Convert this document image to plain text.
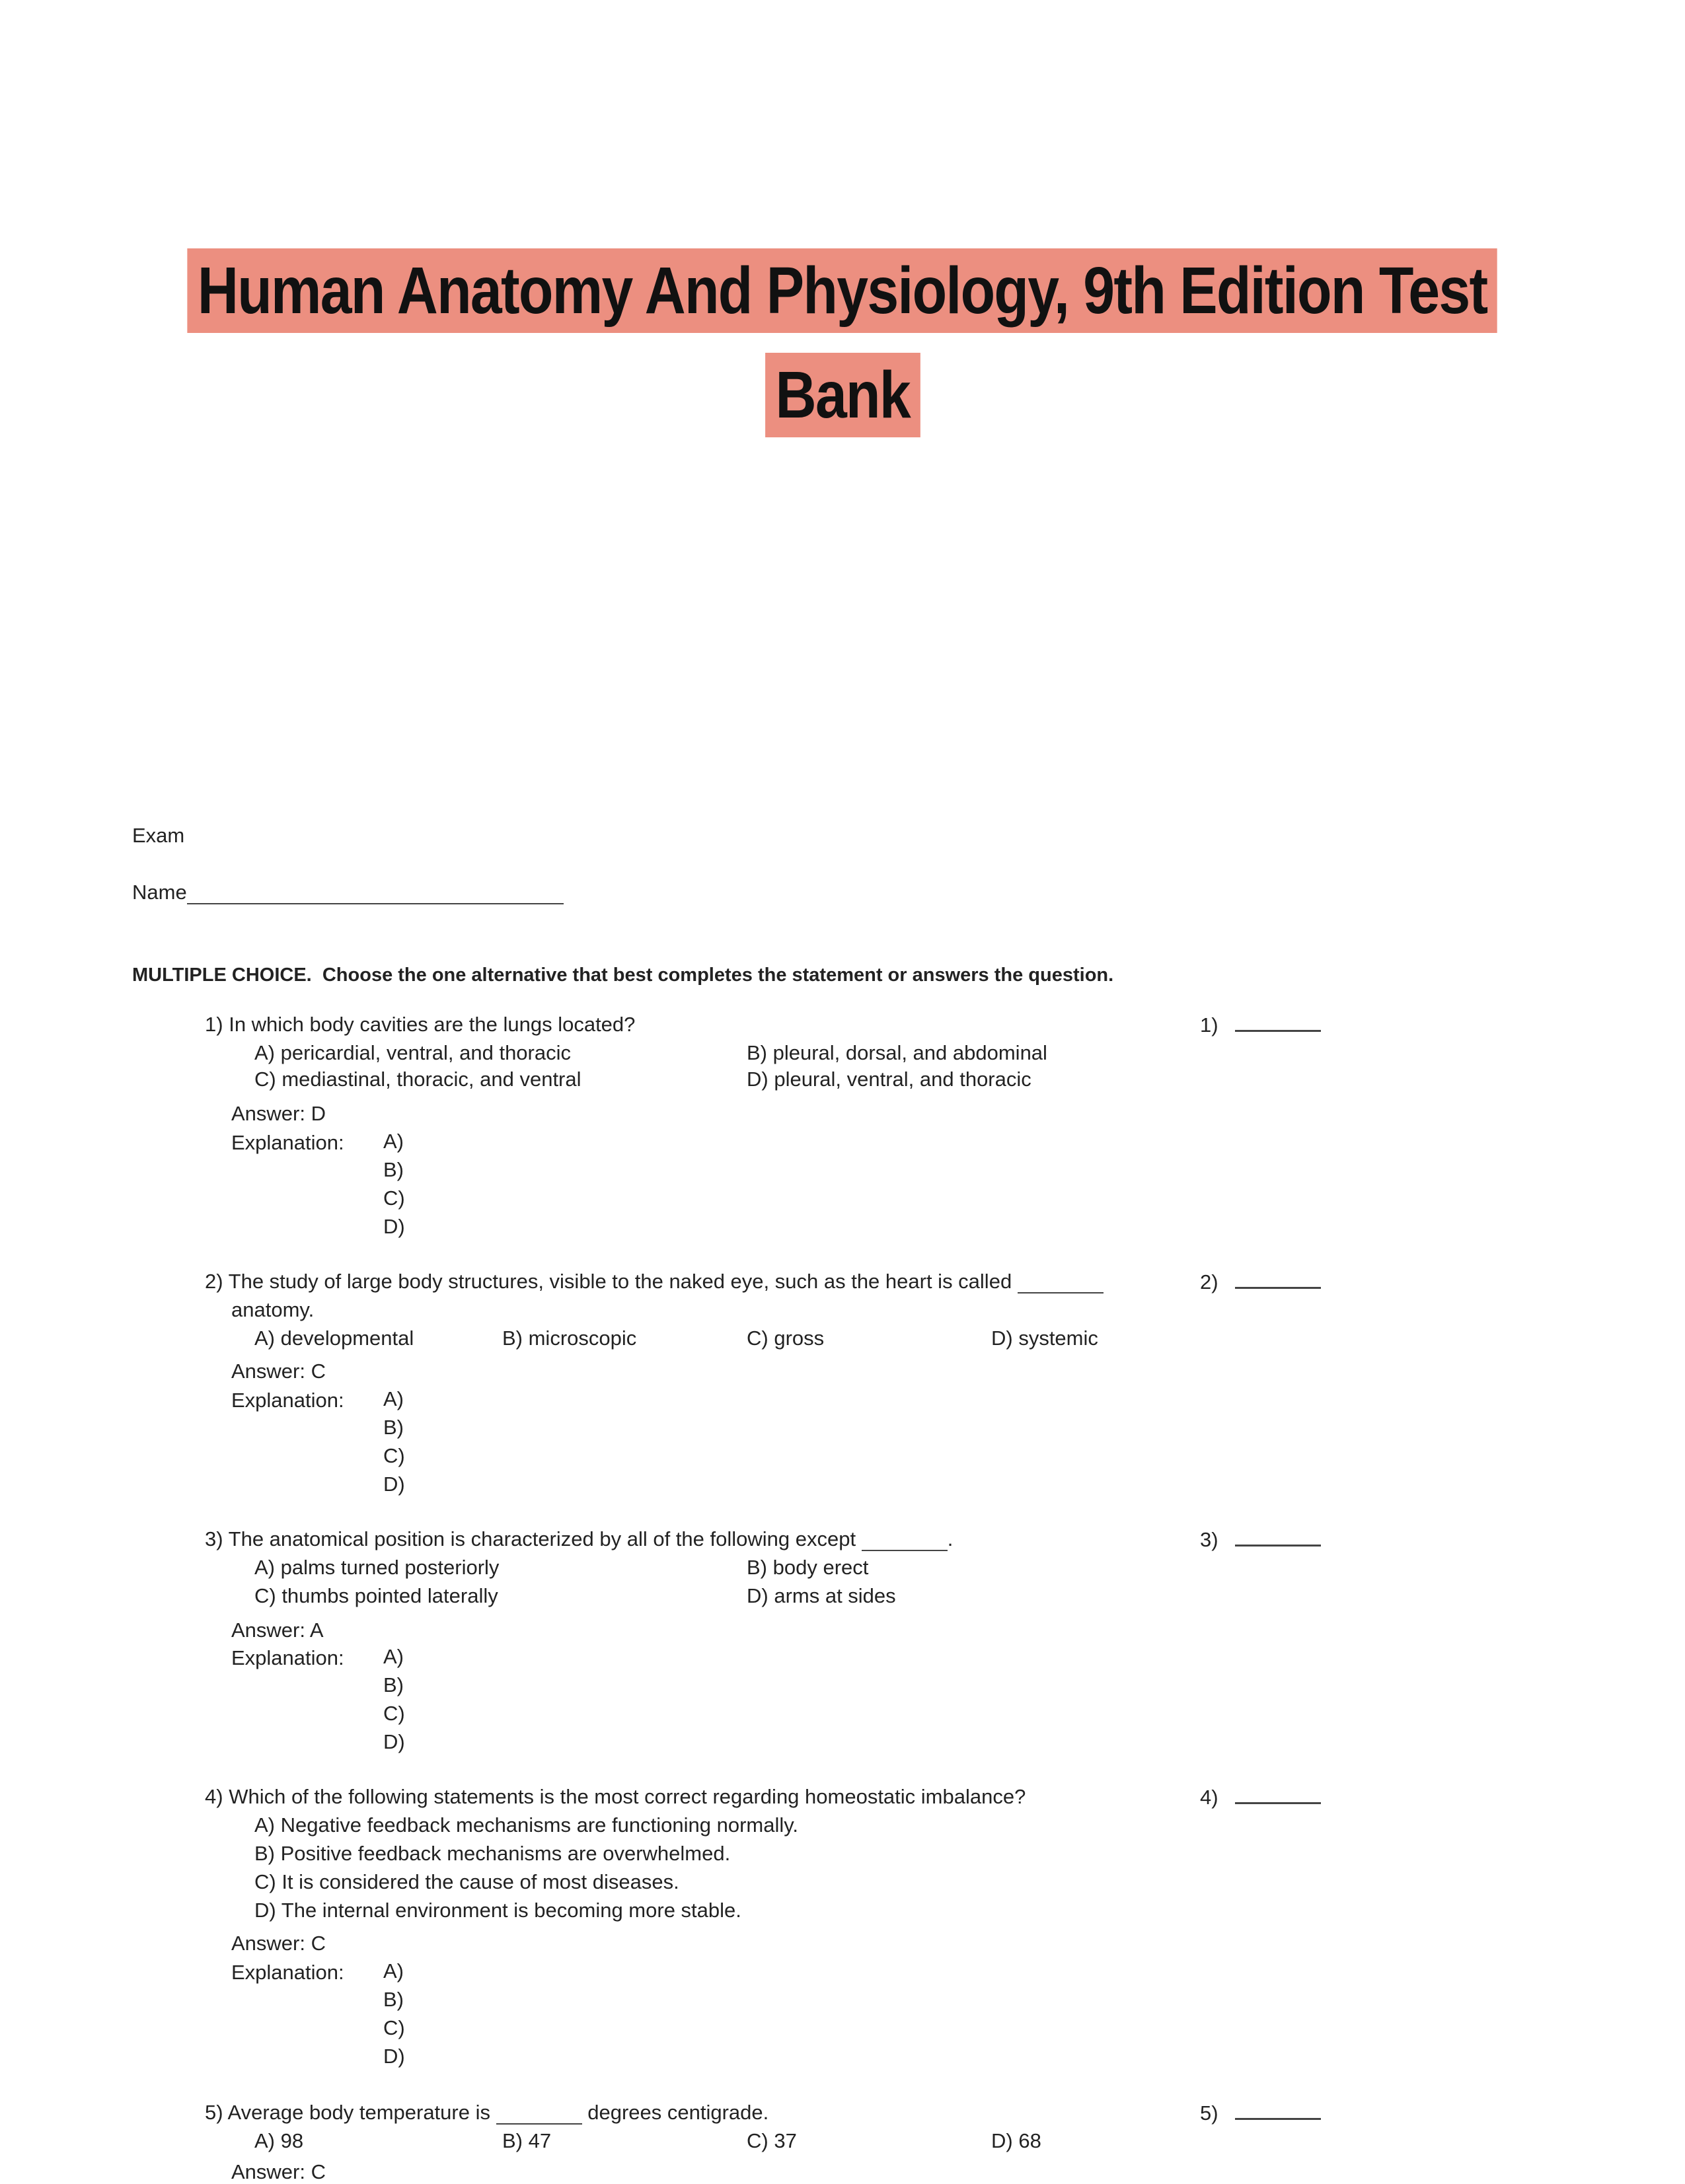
Human Anatomy And Physiology, 9th Edition Test
Bank
Exam
Name
MULTIPLE CHOICE. Choose the one alternative that best completes the statement or answers the question.
1) In which body cavities are the lungs located?
A) pericardial, ventral, and thoracic	B) pleural, dorsal, and abdominal
C) mediastinal, thoracic, and ventral	D) pleural, ventral, and thoracic
Answer: D
Explanation: A)
B)
C)
D)
1)
2) The study of large body structures, visible to the naked eye, such as the heart is called
anatomy.
A) developmental	B) microscopic	C) gross	D) systemic
Answer: C
Explanation: A)
B)
C)
D)
2)
3) The anatomical position is characterized by all of the following except	.
A) palms turned posteriorly	B) body erect
C) thumbs pointed laterally	D) arms at sides
Answer: A
Explanation: A)
B)
C)
D)
3)
4) Which of the following statements is the most correct regarding homeostatic imbalance?
A) Negative feedback mechanisms are functioning normally.
B) Positive feedback mechanisms are overwhelmed.
C) It is considered the cause of most diseases.
D) The internal environment is becoming more stable.
Answer: C
Explanation: A)
B)
C)
D)
4)
5) Average body temperature is	degrees centigrade.
A) 98	B) 47	C) 37	D) 68
Answer: C
5)
